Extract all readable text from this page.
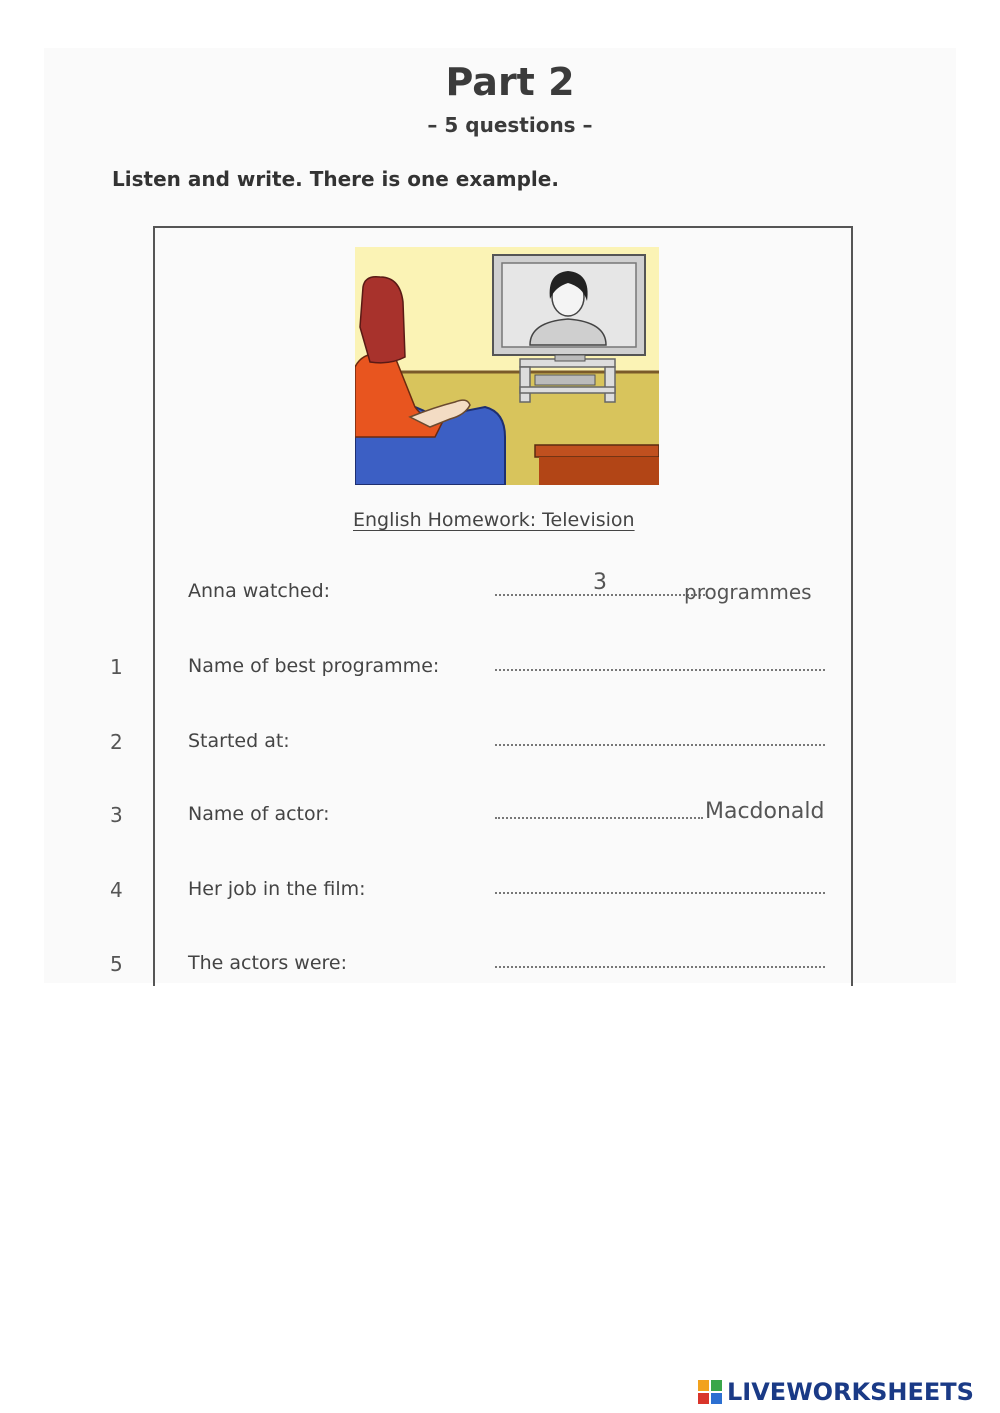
Part 2
– 5 questions –
Listen and write. There is one example.
English Homework: Television
Anna watched:	3	programmes
1	Name of best programme:
2	Started at:
3	Name of actor:	Macdonald
4	Her job in the film:
5	The actors were:
LIVEWORKSHEETS
